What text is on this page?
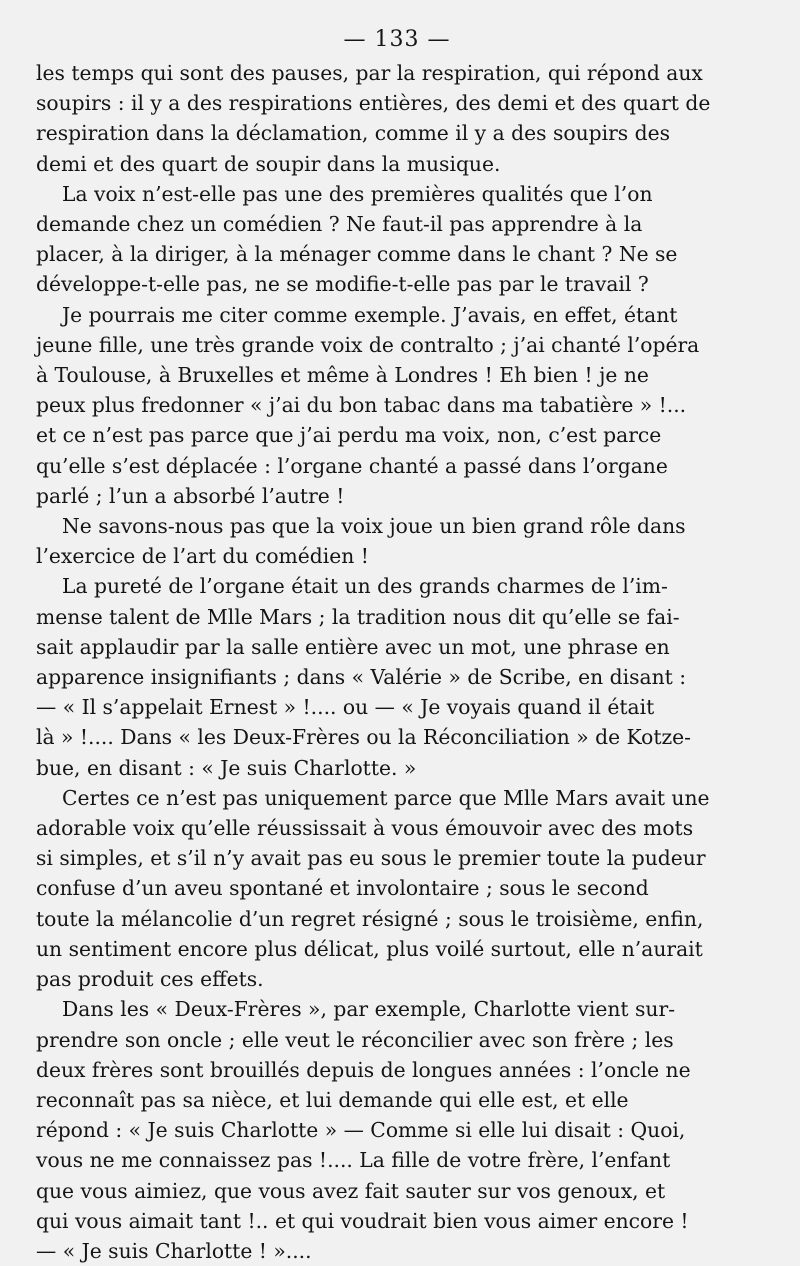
— 133 —

les temps qui sont des pauses, par la respiration, qui répond aux
soupirs : il y a des respirations entières, des demi et des quart de
respiration dans la déclamation, comme il y a des soupirs des
demi et des quart de soupir dans la musique.

La voix n’est-elle pas une des premières qualités que l’on
demande chez un comédien ? Ne faut-il pas apprendre à la
placer, à la diriger, à la ménager comme dans le chant ? Ne se
développe-t-elle pas, ne se modifie-t-elle pas par le travail ?

Je pourrais me citer comme exemple. J’avais, en effet, étant
jeune fille, une très grande voix de contralto ; j’ai chanté l’opéra
à Toulouse, à Bruxelles et même à Londres ! Eh bien ! je ne
peux plus fredonner « j’ai du bon tabac dans ma tabatière » !...
et ce n’est pas parce que j’ai perdu ma voix, non, c’est parce
qu’elle s’est déplacée : l’organe chanté a passé dans l’organe
parlé ; l’un a absorbé l’autre !

Ne savons-nous pas que la voix joue un bien grand rôle dans
l’exercice de l’art du comédien !

La pureté de l’organe était un des grands charmes de l’im-
mense talent de Mlle Mars ; la tradition nous dit qu’elle se fai-
sait applaudir par la salle entière avec un mot, une phrase en
apparence insignifiants ; dans « Valérie » de Scribe, en disant :
— « Il s’appelait Ernest » !.... ou — « Je voyais quand il était
là » !.... Dans « les Deux-Frères ou la Réconciliation » de Kotze-
bue, en disant : « Je suis Charlotte. »

Certes ce n’est pas uniquement parce que Mlle Mars avait une
adorable voix qu’elle réussissait à vous émouvoir avec des mots
si simples, et s’il n’y avait pas eu sous le premier toute la pudeur
confuse d’un aveu spontané et involontaire ; sous le second
toute la mélancolie d’un regret résigné ; sous le troisième, enfin,
un sentiment encore plus délicat, plus voilé surtout, elle n’aurait
pas produit ces effets.

Dans les « Deux-Frères », par exemple, Charlotte vient sur-
prendre son oncle ; elle veut le réconcilier avec son frère ; les
deux frères sont brouillés depuis de longues années : l’oncle ne
reconnaît pas sa nièce, et lui demande qui elle est, et elle
répond : « Je suis Charlotte » — Comme si elle lui disait : Quoi,
vous ne me connaissez pas !.... La fille de votre frère, l’enfant
que vous aimiez, que vous avez fait sauter sur vos genoux, et
qui vous aimait tant !.. et qui voudrait bien vous aimer encore !
— « Je suis Charlotte ! »....
